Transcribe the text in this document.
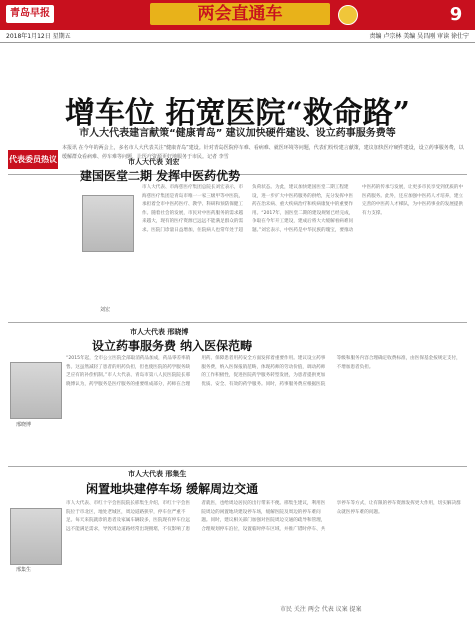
青岛早报	两会直通车	9
2018年1月12日 星期五	责编 卢宗林 美编 吴昌刚 审读 徐仕宁
增车位 拓宽医院“救命路”
市人大代表建言献策“健康青岛” 建议加快硬件建设、设立药事服务费等
代表委员热议
本报讯 在今年的两会上，多名市人大代表关注“健康青岛”建设。针对青岛医院停车难、看病难、就医环境等问题，代表们纷纷建言献策，建议加快医疗硬件建设，设立药事服务费，以缓解群众看病难、停车难等问题，让医疗资源更好地服务于市民。记者 李雪
市人大代表 刘宏
建国医堂二期 发挥中医药优势
刘宏
市人大代表、市海慈医疗集团总院长刘宏表示，市海慈医疗集团是青岛市唯一一家三级甲等中医院，承担着全市中医药医疗、教学、科研和预防保健工作。随着社会的发展，市民对中医药服务的需求越来越大，现有的医疗资源已远远不能满足群众的需求。医院门诊量日益增加，住院病人也常年处于超负荷状态。为此，建议加快建国医堂二期工程建设，进一步扩大中医药服务的供给，充分发挥中医药在治未病、重大疾病治疗和疾病康复中的重要作用。“2017年，国医堂二期的建设规划已经完成，争取在今年开工建设，建成后将大大缓解看病难问题。”刘宏表示，中医药是中华民族的瑰宝，要推动中医药的传承与发展，让更多市民享受到优质的中医药服务。此外，还应加强中医药人才培养，建立完善的中医药人才梯队，为中医药事业的发展提供有力支撑。
市人大代表 邢晓博
设立药事服务费 纳入医保范畴
邢晓博
“2015年起，全市公立医院全部取消药品加成，药品零差率销售。这虽然减轻了患者的用药负担，但也使医院的药学服务缺乏应有的补偿机制。”市人大代表、青岛市第八人民医院院长邢晓博认为，药学服务是医疗服务的重要组成部分，药师在合理用药、保障患者用药安全方面发挥着重要作用。建议设立药事服务费，纳入医保报销范畴，体现药师的劳动价值，调动药师的工作积极性，促进医院药学服务转型发展，为患者提供更加优质、安全、有效的药学服务。同时，药事服务费应根据医院等级和服务内容合理确定收费标准，由医保基金按规定支付，不增加患者负担。
市人大代表 邢集生
闲置地块建停车场 缓解周边交通
邢集生
市人大代表、市红十字会医院院长邢集生介绍，市红十字会医院位于市北区，地处老城区，周边道路狭窄，停车位严重不足。每天来院就诊的患者及家属车辆较多，医院现有停车位远远不能满足需求，导致周边道路经常出现拥堵，不仅影响了患者就医，也给周边居民的出行带来不便。邢集生建议，利用医院周边的闲置地块建设停车场，缓解医院及周边的停车难问题。同时，建议相关部门加强对医院周边交通的疏导和管理，合理规划停车泊位，设置临时停车区域，并推广错时停车、共享停车等方式，让有限的停车资源发挥更大作用，切实解决群众就医停车难的问题。
市民 关注 两会 代表 议案 提案
